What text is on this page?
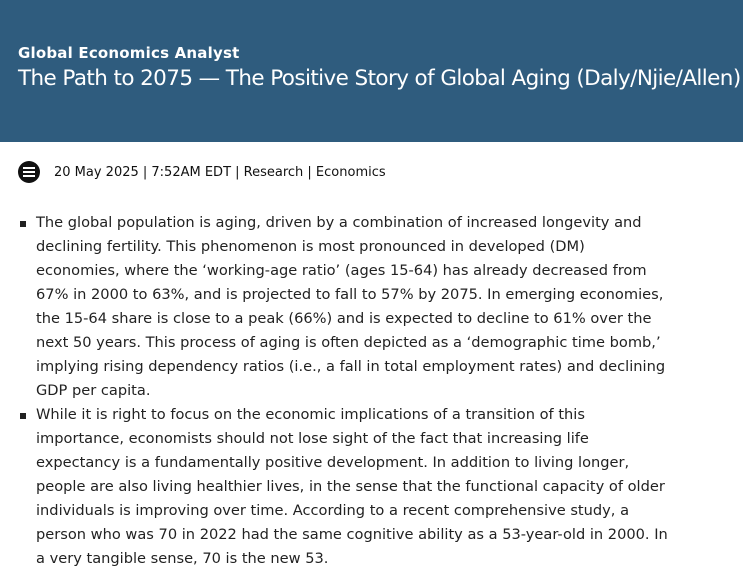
Global Economics Analyst
The Path to 2075 — The Positive Story of Global Aging (Daly/Njie/Allen)
20 May 2025 | 7:52AM EDT | Research | Economics
The global population is aging, driven by a combination of increased longevity and declining fertility. This phenomenon is most pronounced in developed (DM) economies, where the ‘working-age ratio’ (ages 15-64) has already decreased from 67% in 2000 to 63%, and is projected to fall to 57% by 2075. In emerging economies, the 15-64 share is close to a peak (66%) and is expected to decline to 61% over the next 50 years. This process of aging is often depicted as a ‘demographic time bomb,’ implying rising dependency ratios (i.e., a fall in total employment rates) and declining GDP per capita.
While it is right to focus on the economic implications of a transition of this importance, economists should not lose sight of the fact that increasing life expectancy is a fundamentally positive development. In addition to living longer, people are also living healthier lives, in the sense that the functional capacity of older individuals is improving over time. According to a recent comprehensive study, a person who was 70 in 2022 had the same cognitive ability as a 53-year-old in 2000. In a very tangible sense, 70 is the new 53.
